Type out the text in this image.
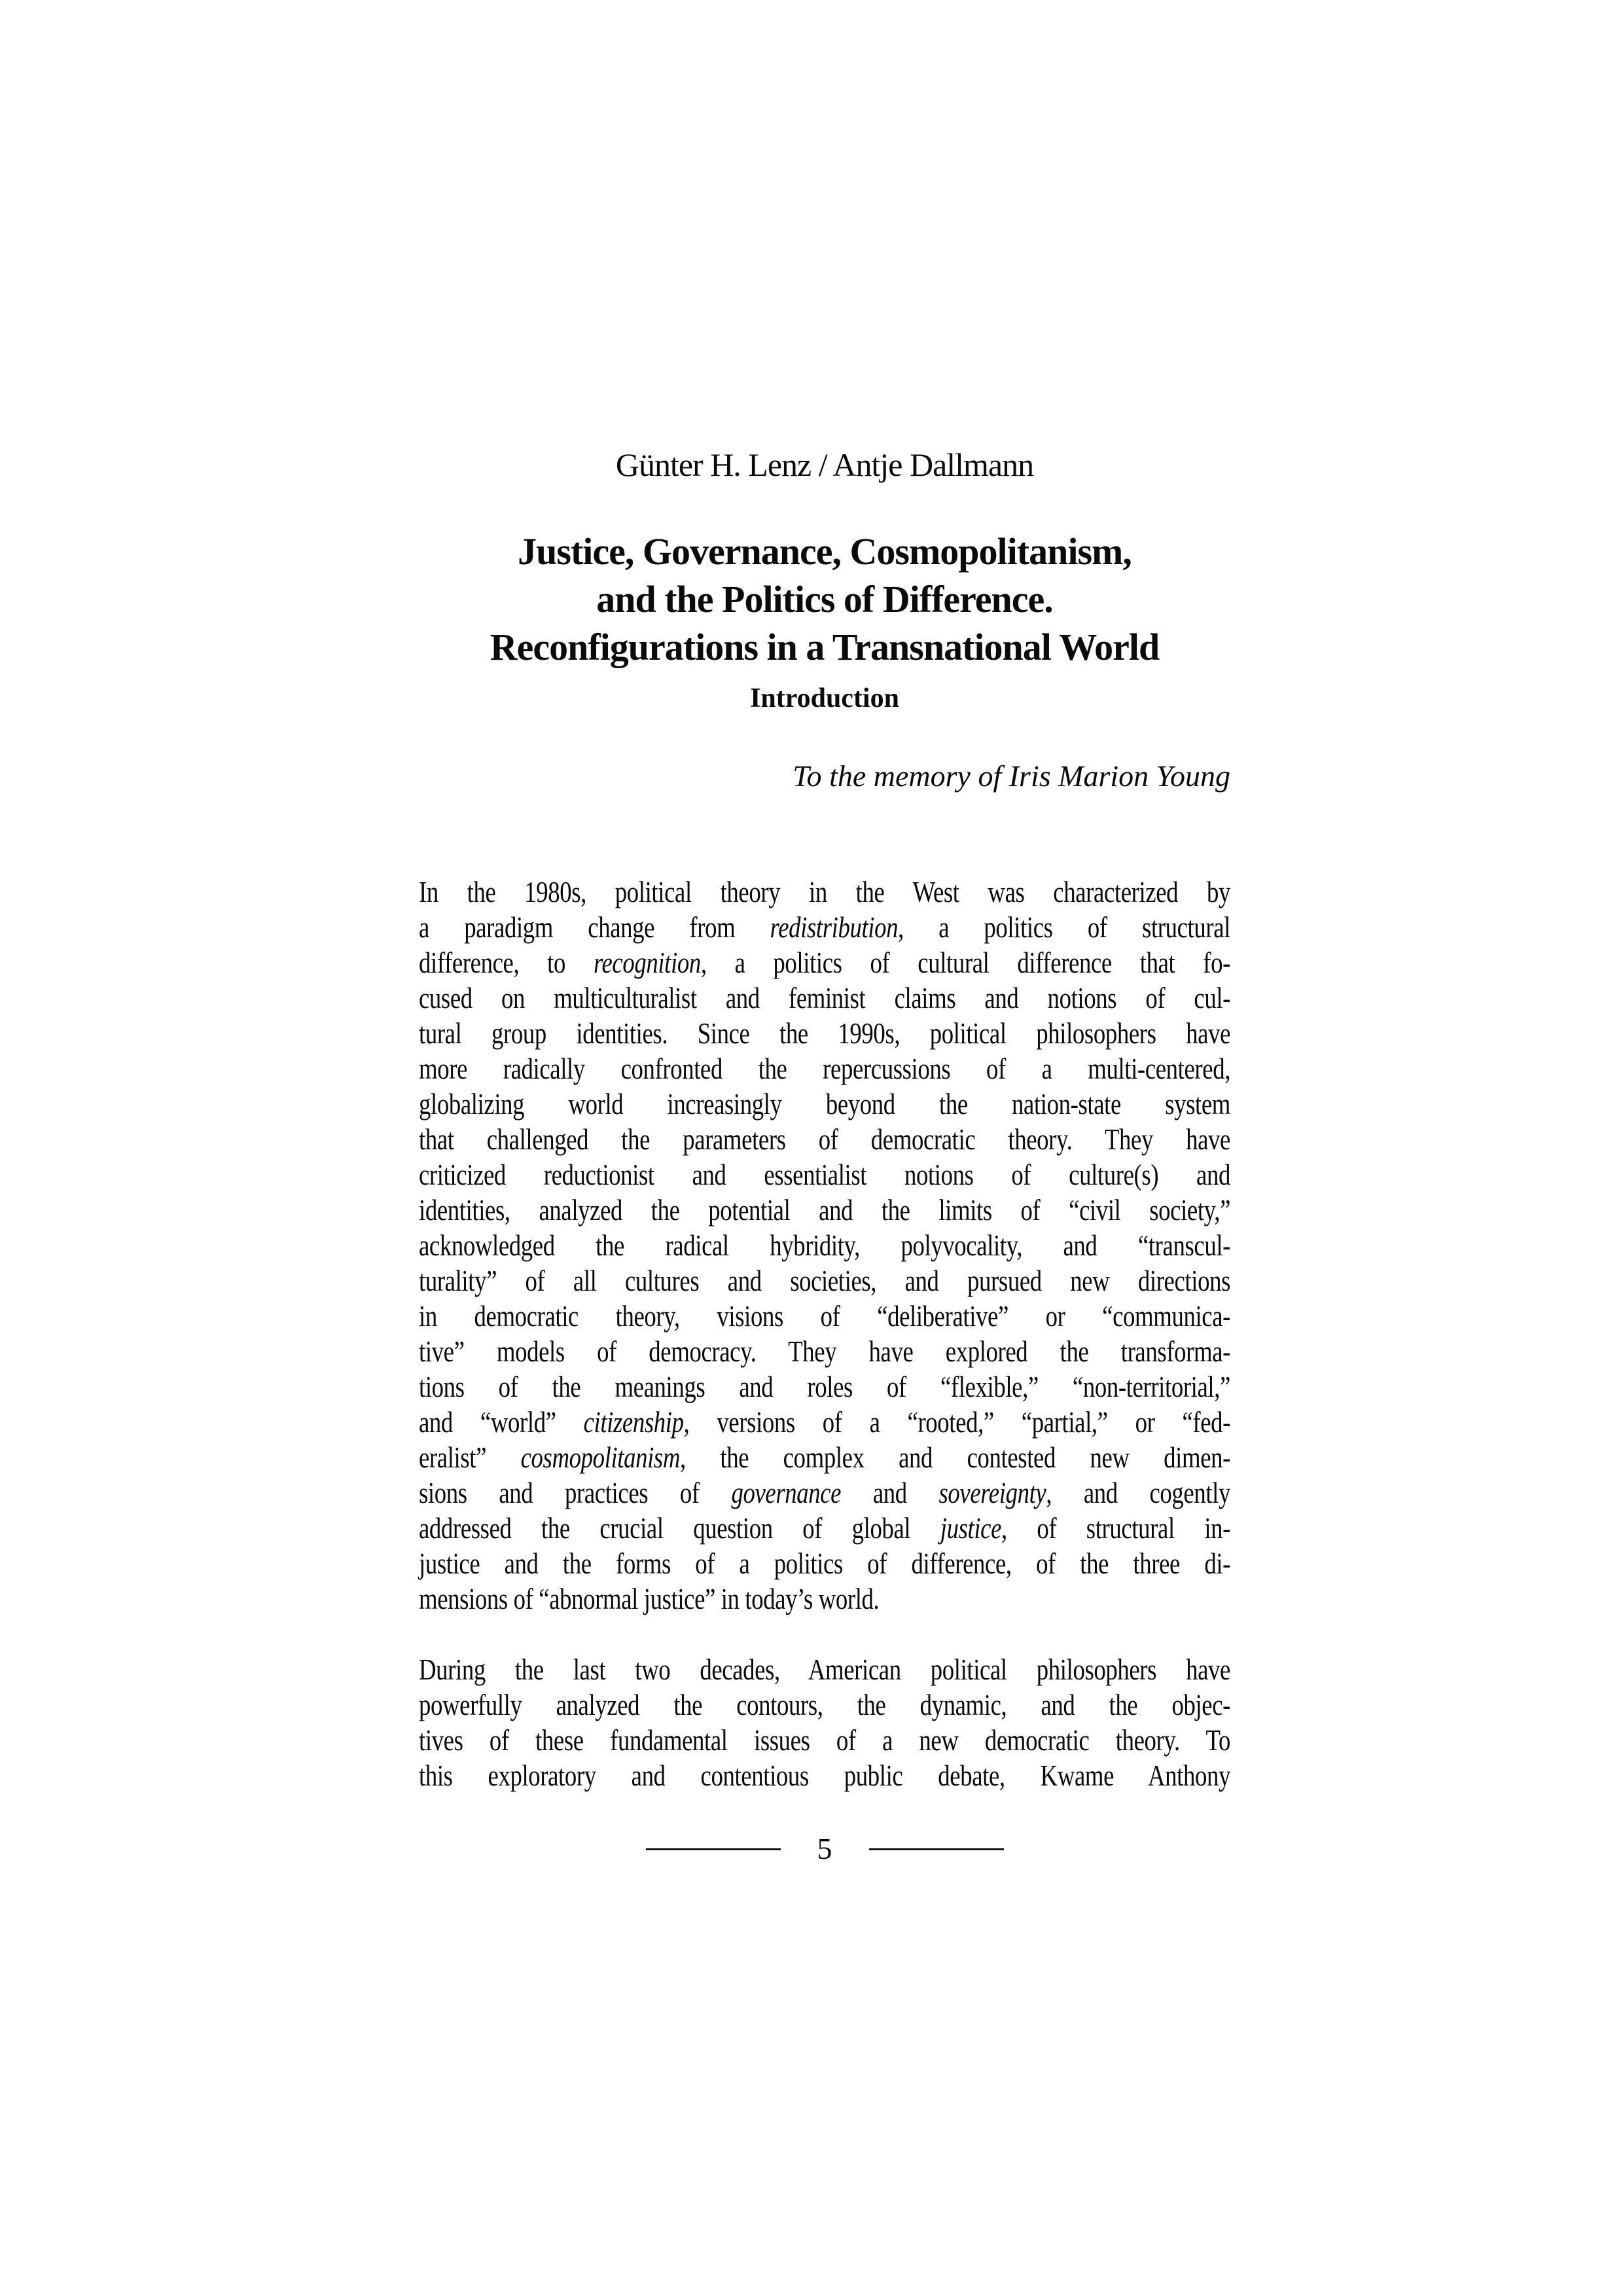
Günter H. Lenz / Antje Dallmann
Justice, Governance, Cosmopolitanism,
and the Politics of Difference.
Reconfigurations in a Transnational World
Introduction
To the memory of Iris Marion Young
In the 1980s, political theory in the West was characterized by
a paradigm change from redistribution, a politics of structural
difference, to recognition, a politics of cultural difference that fo-
cused on multiculturalist and feminist claims and notions of cul-
tural group identities. Since the 1990s, political philosophers have
more radically confronted the repercussions of a multi-centered,
globalizing world increasingly beyond the nation-state system
that challenged the parameters of democratic theory. They have
criticized reductionist and essentialist notions of culture(s) and
identities, analyzed the potential and the limits of “civil society,”
acknowledged the radical hybridity, polyvocality, and “transcul-
turality” of all cultures and societies, and pursued new directions
in democratic theory, visions of “deliberative” or “communica-
tive” models of democracy. They have explored the transforma-
tions of the meanings and roles of “flexible,” “non-territorial,”
and “world” citizenship, versions of a “rooted,” “partial,” or “fed-
eralist” cosmopolitanism, the complex and contested new dimen-
sions and practices of governance and sovereignty, and cogently
addressed the crucial question of global justice, of structural in-
justice and the forms of a politics of difference, of the three di-
mensions of “abnormal justice” in today’s world.
During the last two decades, American political philosophers have
powerfully analyzed the contours, the dynamic, and the objec-
tives of these fundamental issues of a new democratic theory. To
this exploratory and contentious public debate, Kwame Anthony
5
